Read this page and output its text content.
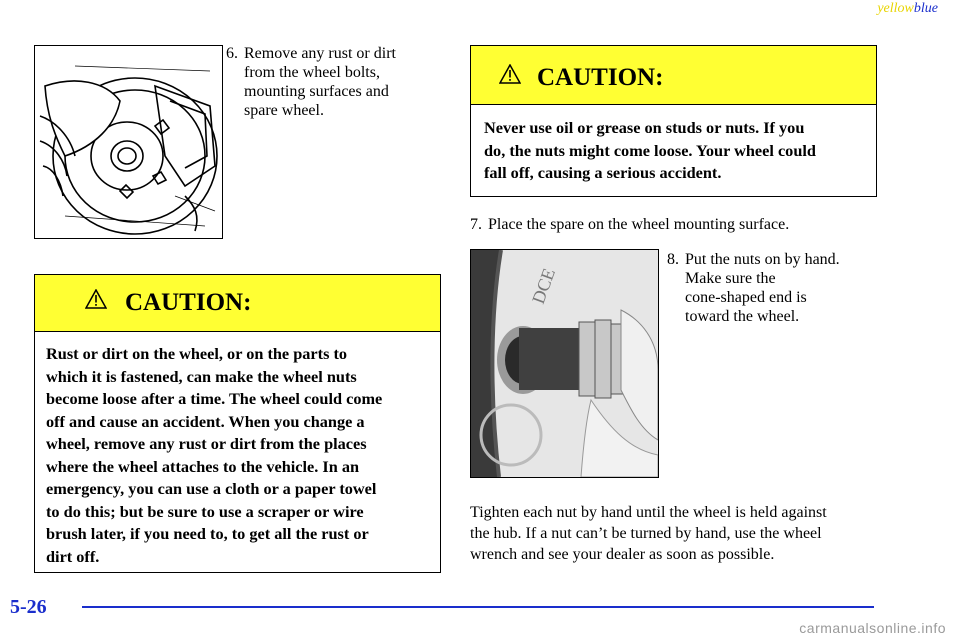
yellowblue
6. Remove any rust or dirt
from the wheel bolts,
mounting surfaces and
spare wheel.
CAUTION:
Rust or dirt on the wheel, or on the parts to
which it is fastened, can make the wheel nuts
become loose after a time. The wheel could come
off and cause an accident. When you change a
wheel, remove any rust or dirt from the places
where the wheel attaches to the vehicle. In an
emergency, you can use a cloth or a paper towel
to do this; but be sure to use a scraper or wire
brush later, if you need to, to get all the rust or
dirt off.
CAUTION:
Never use oil or grease on studs or nuts. If you
do, the nuts might come loose. Your wheel could
fall off, causing a serious accident.
7. Place the spare on the wheel mounting surface.
DCE
8. Put the nuts on by hand.
Make sure the
cone-shaped end is
toward the wheel.
Tighten each nut by hand until the wheel is held against
the hub. If a nut can’t be turned by hand, use the wheel
wrench and see your dealer as soon as possible.
5-26
carmanualsonline.info
